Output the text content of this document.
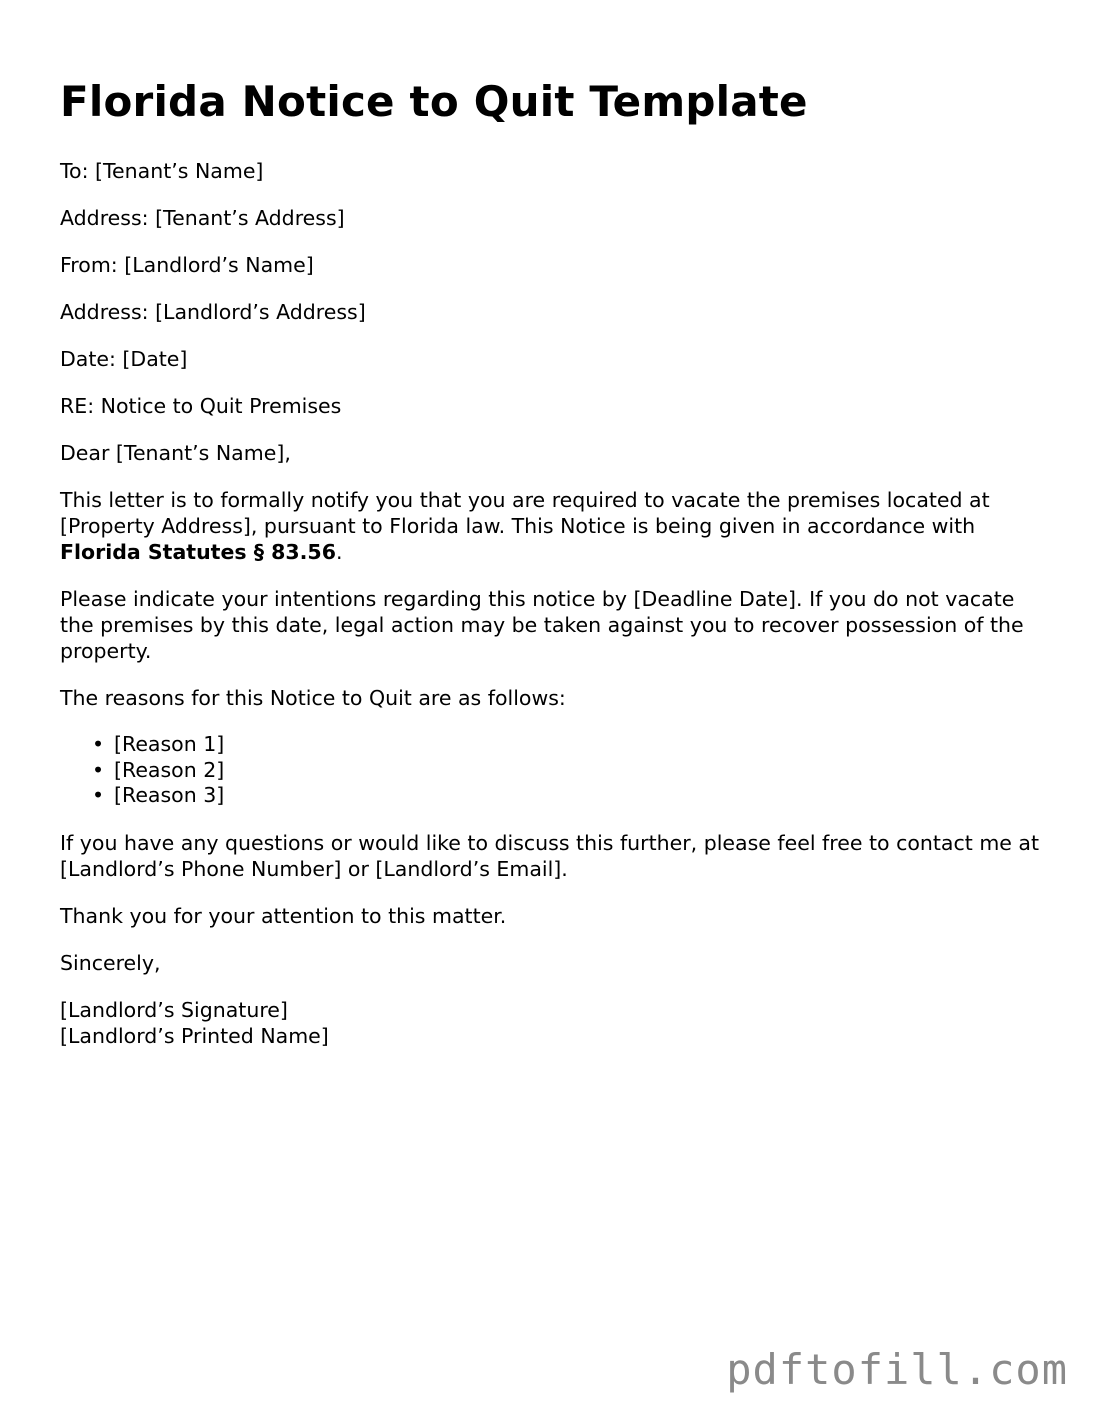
Florida Notice to Quit Template

To: [Tenant’s Name]

Address: [Tenant’s Address]

From: [Landlord’s Name]

Address: [Landlord’s Address]

Date: [Date]

RE: Notice to Quit Premises

Dear [Tenant’s Name],

This letter is to formally notify you that you are required to vacate the premises located at [Property Address], pursuant to Florida law. This Notice is being given in accordance with Florida Statutes § 83.56.

Please indicate your intentions regarding this notice by [Deadline Date]. If you do not vacate the premises by this date, legal action may be taken against you to recover possession of the property.

The reasons for this Notice to Quit are as follows:

• [Reason 1]
• [Reason 2]
• [Reason 3]

If you have any questions or would like to discuss this further, please feel free to contact me at [Landlord’s Phone Number] or [Landlord’s Email].

Thank you for your attention to this matter.

Sincerely,

[Landlord’s Signature]

[Landlord’s Printed Name]

pdftofill.com
